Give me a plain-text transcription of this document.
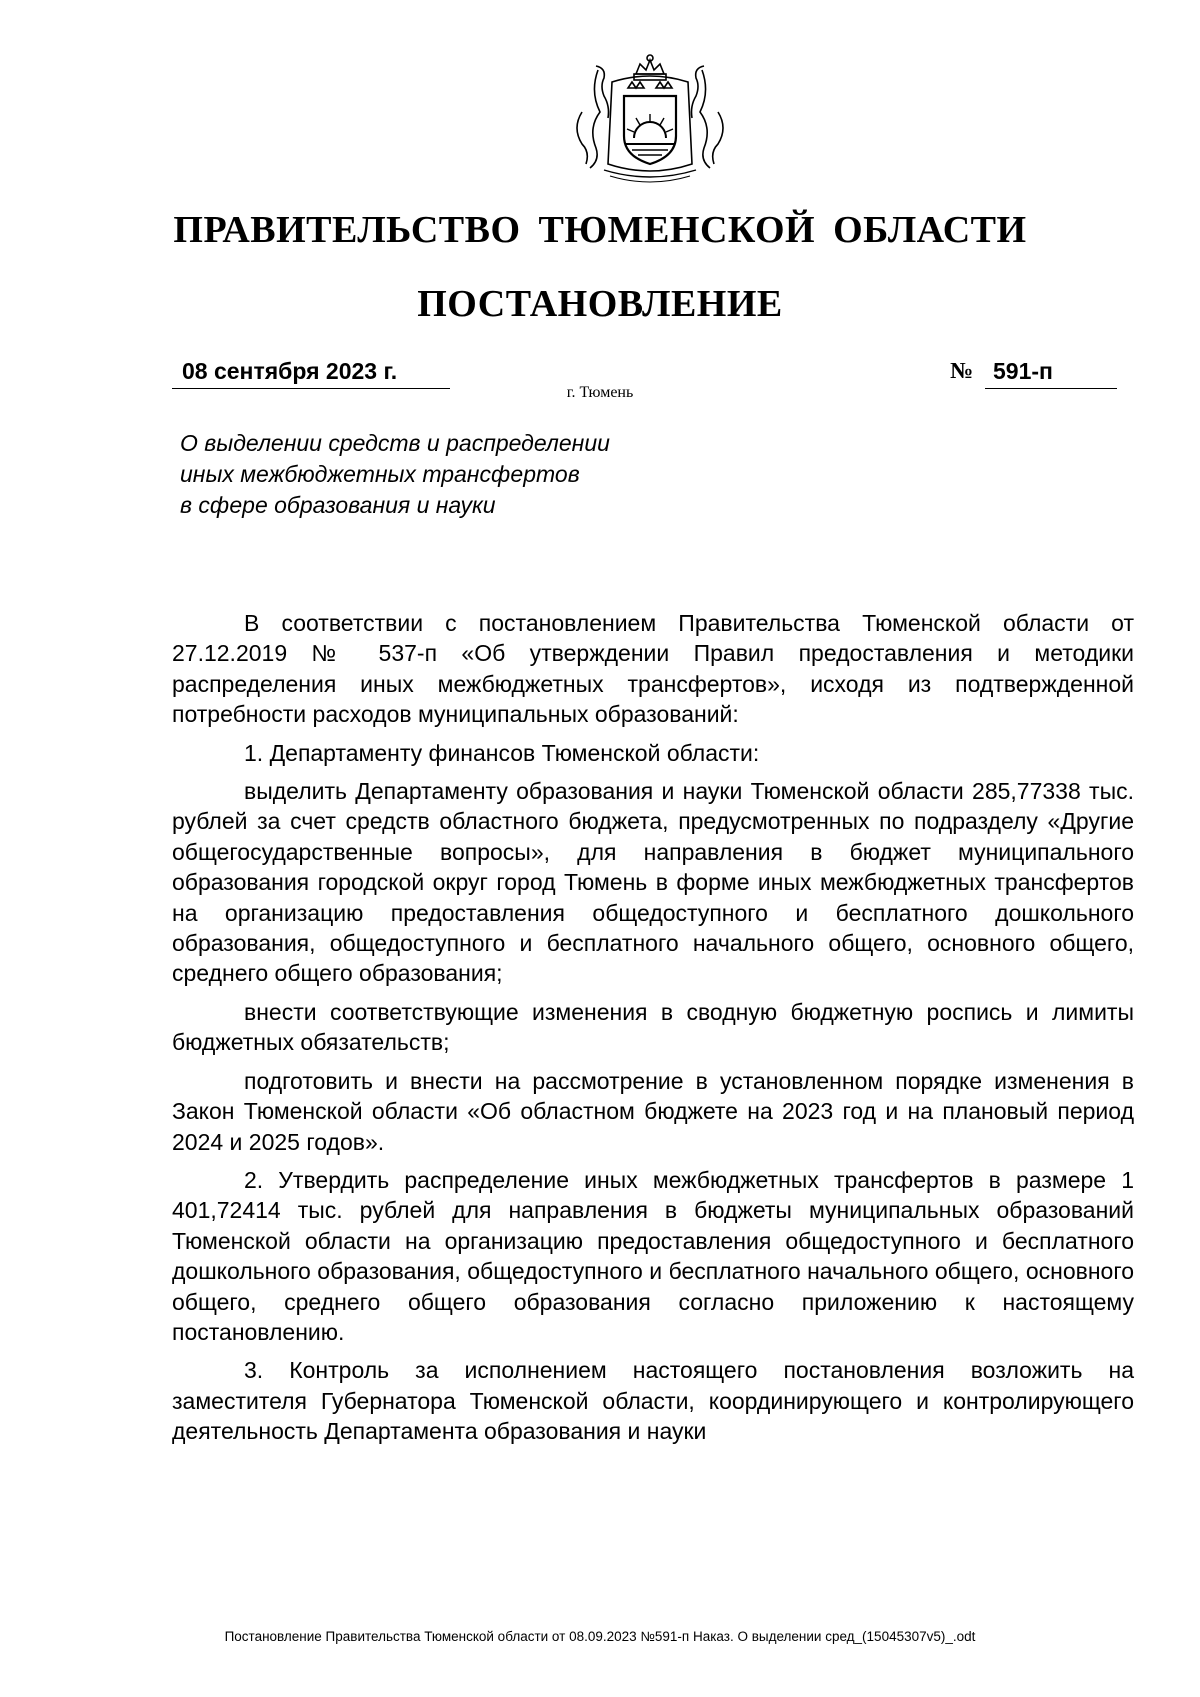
ПРАВИТЕЛЬСТВО ТЮМЕНСКОЙ ОБЛАСТИ
ПОСТАНОВЛЕНИЕ
08 сентября 2023 г.	№ 591-п
г. Тюмень
О выделении средств и распределении
иных межбюджетных трансфертов
в сфере образования и науки

В соответствии с постановлением Правительства Тюменской области от 27.12.2019 № 537-п «Об утверждении Правил предоставления и методики распределения иных межбюджетных трансфертов», исходя из подтвержденной потребности расходов муниципальных образований:

1. Департаменту финансов Тюменской области:

выделить Департаменту образования и науки Тюменской области 285,77338 тыс. рублей за счет средств областного бюджета, предусмотренных по подразделу «Другие общегосударственные вопросы», для направления в бюджет муниципального образования городской округ город Тюмень в форме иных межбюджетных трансфертов на организацию предоставления общедоступного и бесплатного дошкольного образования, общедоступного и бесплатного начального общего, основного общего, среднего общего образования;

внести соответствующие изменения в сводную бюджетную роспись и лимиты бюджетных обязательств;

подготовить и внести на рассмотрение в установленном порядке изменения в Закон Тюменской области «Об областном бюджете на 2023 год и на плановый период 2024 и 2025 годов».

2. Утвердить распределение иных межбюджетных трансфертов в размере 1 401,72414 тыс. рублей для направления в бюджеты муниципальных образований Тюменской области на организацию предоставления общедоступного и бесплатного дошкольного образования, общедоступного и бесплатного начального общего, основного общего, среднего общего образования согласно приложению к настоящему постановлению.

3. Контроль за исполнением настоящего постановления возложить на заместителя Губернатора Тюменской области, координирующего и контролирующего деятельность Департамента образования и науки

Постановление Правительства Тюменской области от 08.09.2023 №591-п Наказ. О выделении сред_(15045307v5)_.odt
